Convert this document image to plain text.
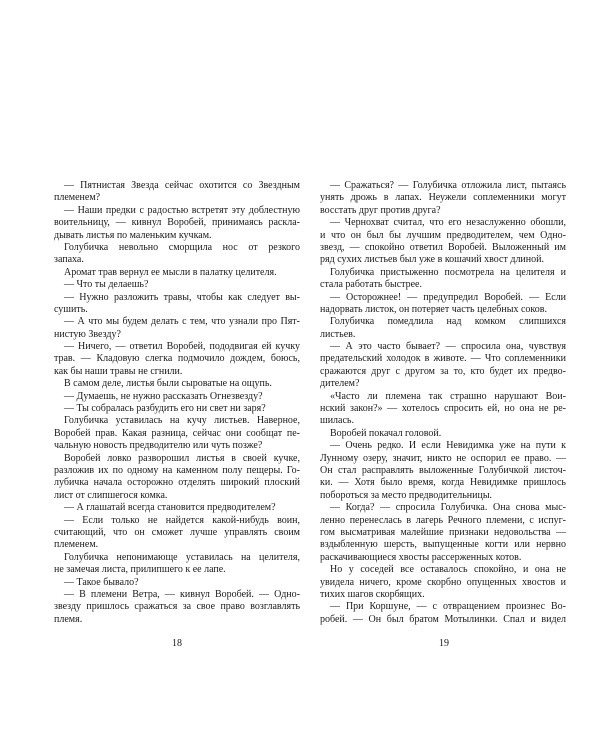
— Пятнистая Звезда сейчас охотится со Звездным
племенем?
— Наши предки с радостью встретят эту доблестную
воительницу, — кивнул Воробей, принимаясь раскла-
дывать листья по маленьким кучкам.
Голубичка невольно сморщила нос от резкого
запаха.
Аромат трав вернул ее мысли в палатку целителя.
— Что ты делаешь?
— Нужно разложить травы, чтобы как следует вы-
сушить.
— А что мы будем делать с тем, что узнали про Пят-
нистую Звезду?
— Ничего, — ответил Воробей, пододвигая ей кучку
трав. — Кладовую слегка подмочило дождем, боюсь,
как бы наши травы не сгнили.
В самом деле, листья были сыроватые на ощупь.
— Думаешь, не нужно рассказать Огнезвезду?
— Ты собралась разбудить его ни свет ни заря?
Голубичка уставилась на кучу листьев. Наверное,
Воробей прав. Какая разница, сейчас они сообщат пе-
чальную новость предводителю или чуть позже?
Воробей ловко разворошил листья в своей кучке,
разложив их по одному на каменном полу пещеры. Го-
лубичка начала осторожно отделять широкий плоский
лист от слипшегося комка.
— А глашатай всегда становится предводителем?
— Если только не найдется какой-нибудь воин,
считающий, что он сможет лучше управлять своим
племенем.
Голубичка непонимающе уставилась на целителя,
не замечая листа, прилипшего к ее лапе.
— Такое бывало?
— В племени Ветра, — кивнул Воробей. — Одно-
звезду пришлось сражаться за свое право возглавлять
племя.
18
— Сражаться? — Голубичка отложила лист, пытаясь
унять дрожь в лапах. Неужели соплеменники могут
восстать друг против друга?
— Чернохват считал, что его незаслуженно обошли,
и что он был бы лучшим предводителем, чем Одно-
звезд, — спокойно ответил Воробей. Выложенный им
ряд сухих листьев был уже в кошачий хвост длиной.
Голубичка пристыженно посмотрела на целителя и
стала работать быстрее.
— Осторожнее! — предупредил Воробей. — Если
надорвать листок, он потеряет часть целебных соков.
Голубичка помедлила над комком слипшихся
листьев.
— А это часто бывает? — спросила она, чувствуя
предательский холодок в животе. — Что соплеменники
сражаются друг с другом за то, кто будет их предво-
дителем?
«Часто ли племена так страшно нарушают Вои-
нский закон?» — хотелось спросить ей, но она не ре-
шилась.
Воробей покачал головой.
— Очень редко. И если Невидимка уже на пути к
Лунному озеру, значит, никто не оспорил ее право. —
Он стал расправлять выложенные Голубичкой листоч-
ки. — Хотя было время, когда Невидимке пришлось
побороться за место предводительницы.
— Когда? — спросила Голубичка. Она снова мыс-
ленно перенеслась в лагерь Речного племени, с испуг-
гом высматривая малейшие признаки недовольства —
вздыбленную шерсть, выпущенные когти или нервно
раскачивающиеся хвосты рассерженных котов.
Но у соседей все оставалось спокойно, и она не
увидела ничего, кроме скорбно опущенных хвостов и
тихих шагов скорбящих.
— При Коршуне, — с отвращением произнес Во-
робей. — Он был братом Мотылинки. Спал и видел
19
